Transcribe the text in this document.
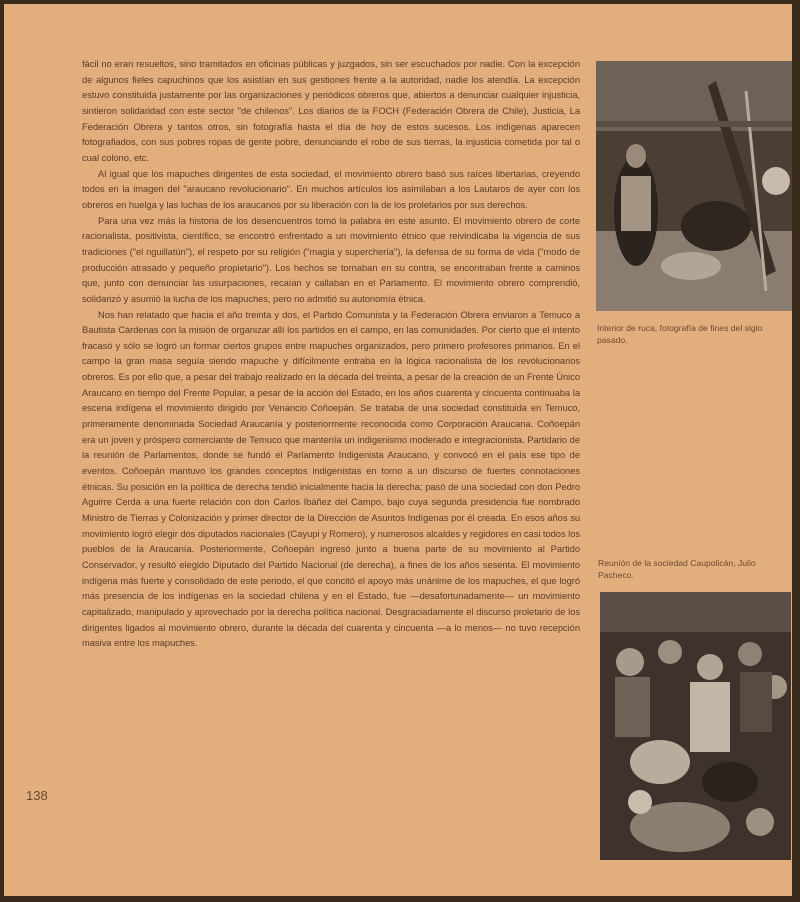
fácil no eran resueltos, sino tramitados en oficinas públicas y juzgados, sin ser escuchados por nadie. Con la excepción de algunos fieles capuchinos que los asistían en sus gestiones frente a la autoridad, nadie los atendía. La excepción estuvo constituida justamente por las organizaciones y periódicos obreros que, abiertos a denunciar cualquier injusticia, sintieron solidaridad con este sector "de chilenos". Los diarios de la FOCH (Federación Obrera de Chile), Justicia, La Federación Obrera y tantos otros, sin fotografía hasta el día de hoy de estos sucesos. Los indígenas aparecen fotografiados, con sus pobres ropas de gente pobre, denunciando el robo de sus tierras, la injusticia cometida por tal o cual colono, etc.

Al igual que los mapuches dirigentes de esta sociedad, el movimiento obrero basó sus raíces libertarias, creyendo todos en la imagen del "araucano revolucionario". En muchos artículos los asimilaban a los Lautaros de ayer con los obreros en huelga y las luchas de los araucanos por su liberación con la de los proletarios por sus derechos.

Para una vez más la historia de los desencuentros tomó la palabra en este asunto. El movimiento obrero de corte racionalista, positivista, científico, se encontró enfrentado a un movimiento étnico que reivindicaba la vigencia de sus tradiciones ("el nguillatún"), el respeto por su religión ("magia y superchería"), la defensa de su forma de vida ("modo de producción atrasado y pequeño propietario"). Los hechos se tornaban en su contra, se encontraban frente a caminos que, junto con denunciar las usurpaciones, recaían y callaban en el Parlamento. El movimiento obrero comprendió, solidarizó y asumió la lucha de los mapuches, pero no admitió su autonomía étnica.

Nos han relatado que hacia el año treinta y dos, el Partido Comunista y la Federación Obrera enviaron a Temuco a Bautista Cárdenas con la misión de organizar allí los partidos en el campo, en las comunidades. Por cierto que el intento fracasó y sólo se logró un formar ciertos grupos entre mapuches organizados, pero primero profesores primarios. En el campo la gran masa seguía siendo mapuche y difícilmente entraba en la lógica racionalista de los revolucionarios obreros. Es por ello que, a pesar del trabajo realizado en la década del treinta, a pesar de la creación de un Frente Único Araucano en tiempo del Frente Popular, a pesar de la acción del Estado, en los años cuarenta y cincuenta continuaba la escena indígena el movimiento dirigido por Venancio Coñoepán. Se trataba de una sociedad constituida en Temuco, primeramente denominada Sociedad Araucanía y posteriormente reconocida como Corporación Araucana. Coñoepán era un joven y próspero comerciante de Temuco que mantenía un indigenismo moderado e integracionista. Partidario de la reunión de Parlamentos, donde se fundó el Parlamento Indigenista Araucano, y convocó en el país ese tipo de eventos. Coñoepán mantuvo los grandes conceptos indigenistas en torno a un discurso de fuertes connotaciones étnicas. Su posición en la política de derecha tendió inicialmente hacia la derecha; pasó de una sociedad con don Pedro Aguirre Cerda a una fuerte relación con don Carlos Ibáñez del Campo, bajo cuya segunda presidencia fue nombrado Ministro de Tierras y Colonización y primer director de la Dirección de Asuntos Indígenas por él creada. En esos años su movimiento logró elegir dos diputados nacionales (Cayupi y Romero), y numerosos alcaldes y regidores en casi todos los pueblos de la Araucanía. Posteriormente, Coñoepán ingresó junto a buena parte de su movimiento al Partido Conservador, y resultó elegido Diputado del Partido Nacional (de derecha), a fines de los años sesenta. El movimiento indígena más fuerte y consolidado de este periodo, el que concitó el apoyo más unánime de los mapuches, el que logró más presencia de los indígenas en la sociedad chilena y en el Estado, fue —desafortunadamente— un movimiento capitalizado, manipulado y aprovechado por la derecha política nacional. Desgraciadamente el discurso proletario de los dirigentes ligados al movimiento obrero, durante la década del cuarenta y cincuenta —a lo menos— no tuvo recepción masiva entre los mapuches.

Interior de ruca, fotografía de fines del siglo pasado.
Reunión de la sociedad Caupolicán, Julio Pacheco.
138
